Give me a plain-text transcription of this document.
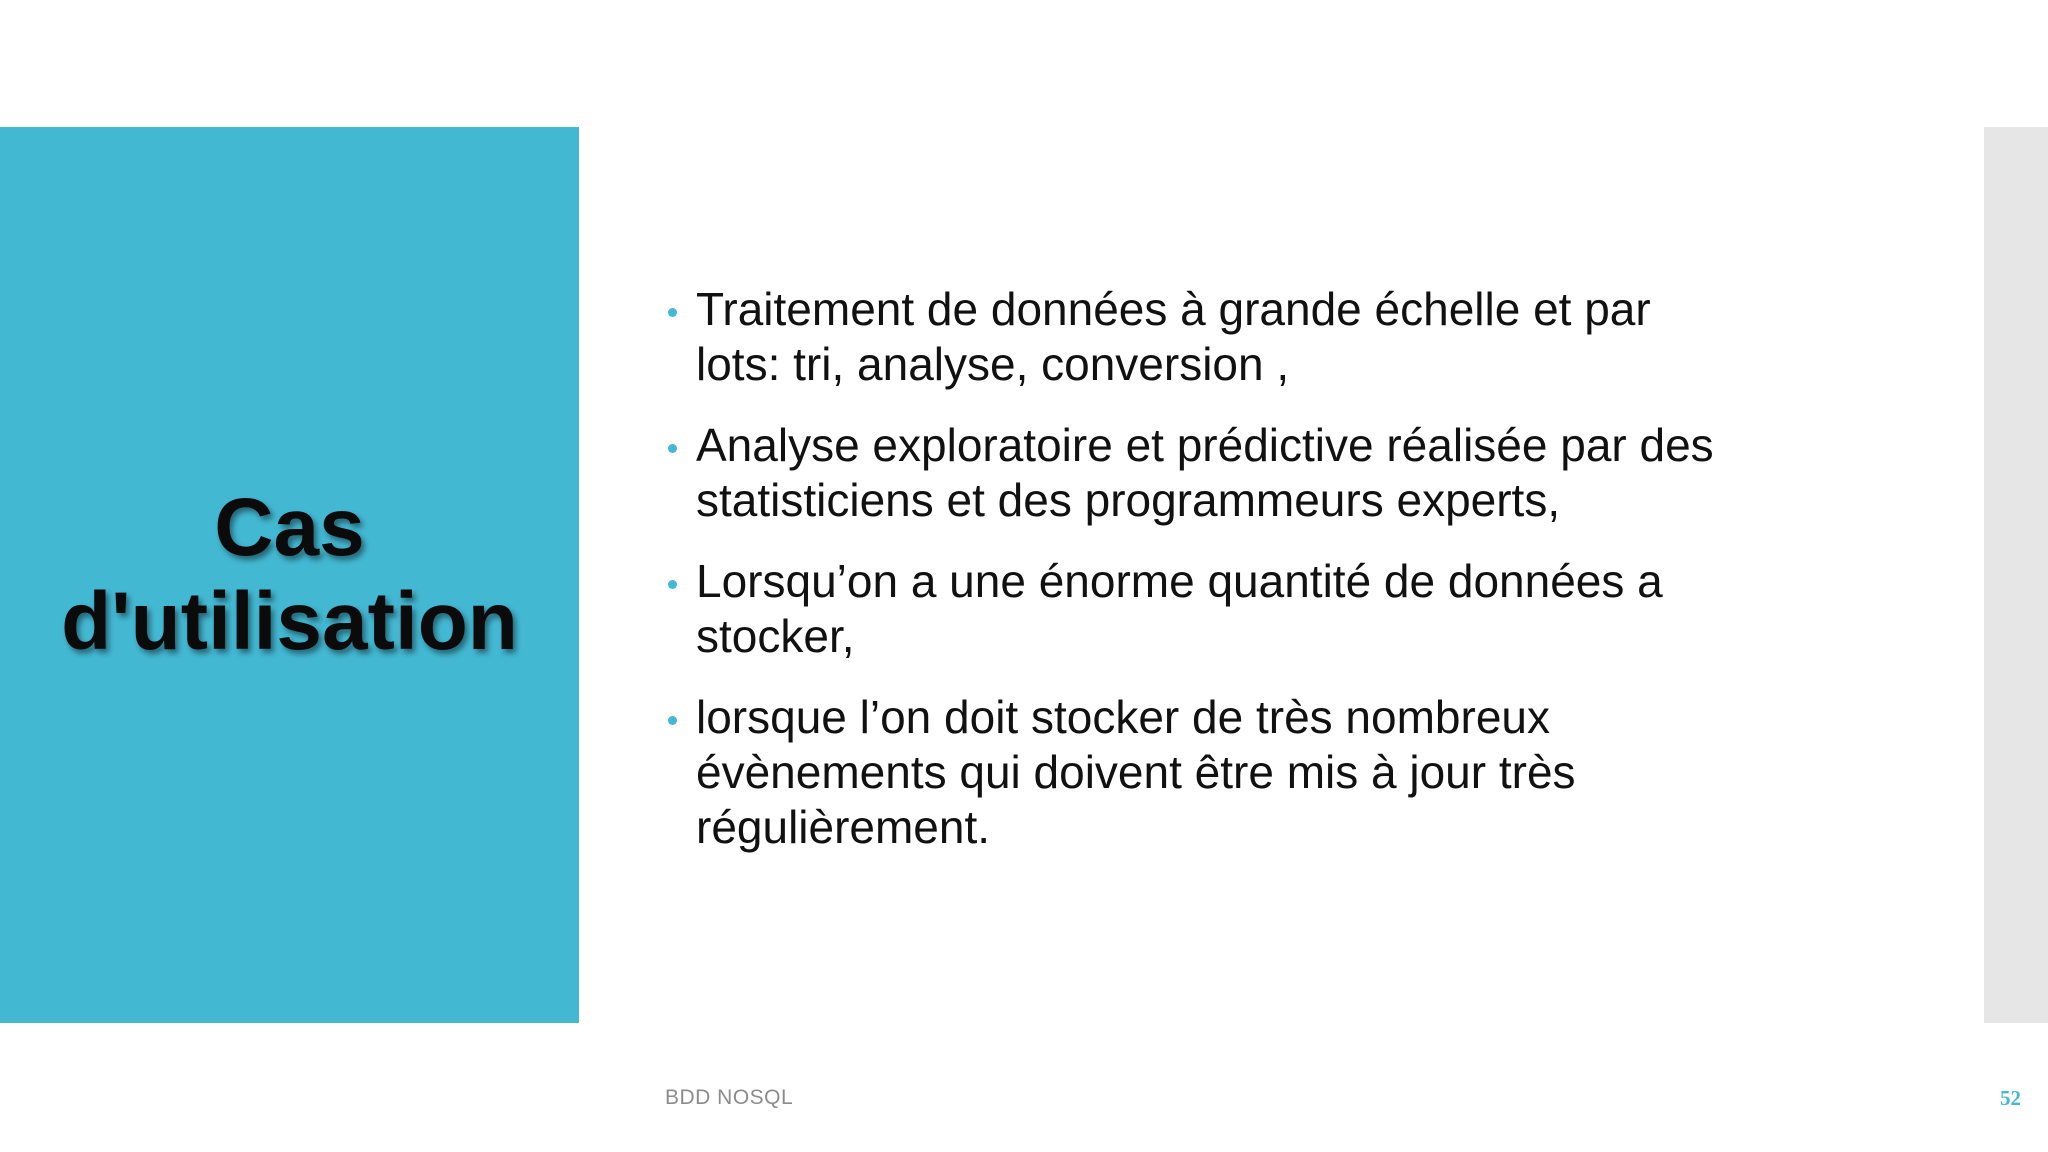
Cas
d'utilisation
Traitement de données à grande échelle et par
lots: tri, analyse, conversion ,
Analyse exploratoire et prédictive réalisée par des
statisticiens et des programmeurs experts,
Lorsqu’on a une énorme quantité de données a
stocker,
lorsque l’on doit stocker de très nombreux
évènements qui doivent être mis à jour très
régulièrement.
BDD NOSQL	52
